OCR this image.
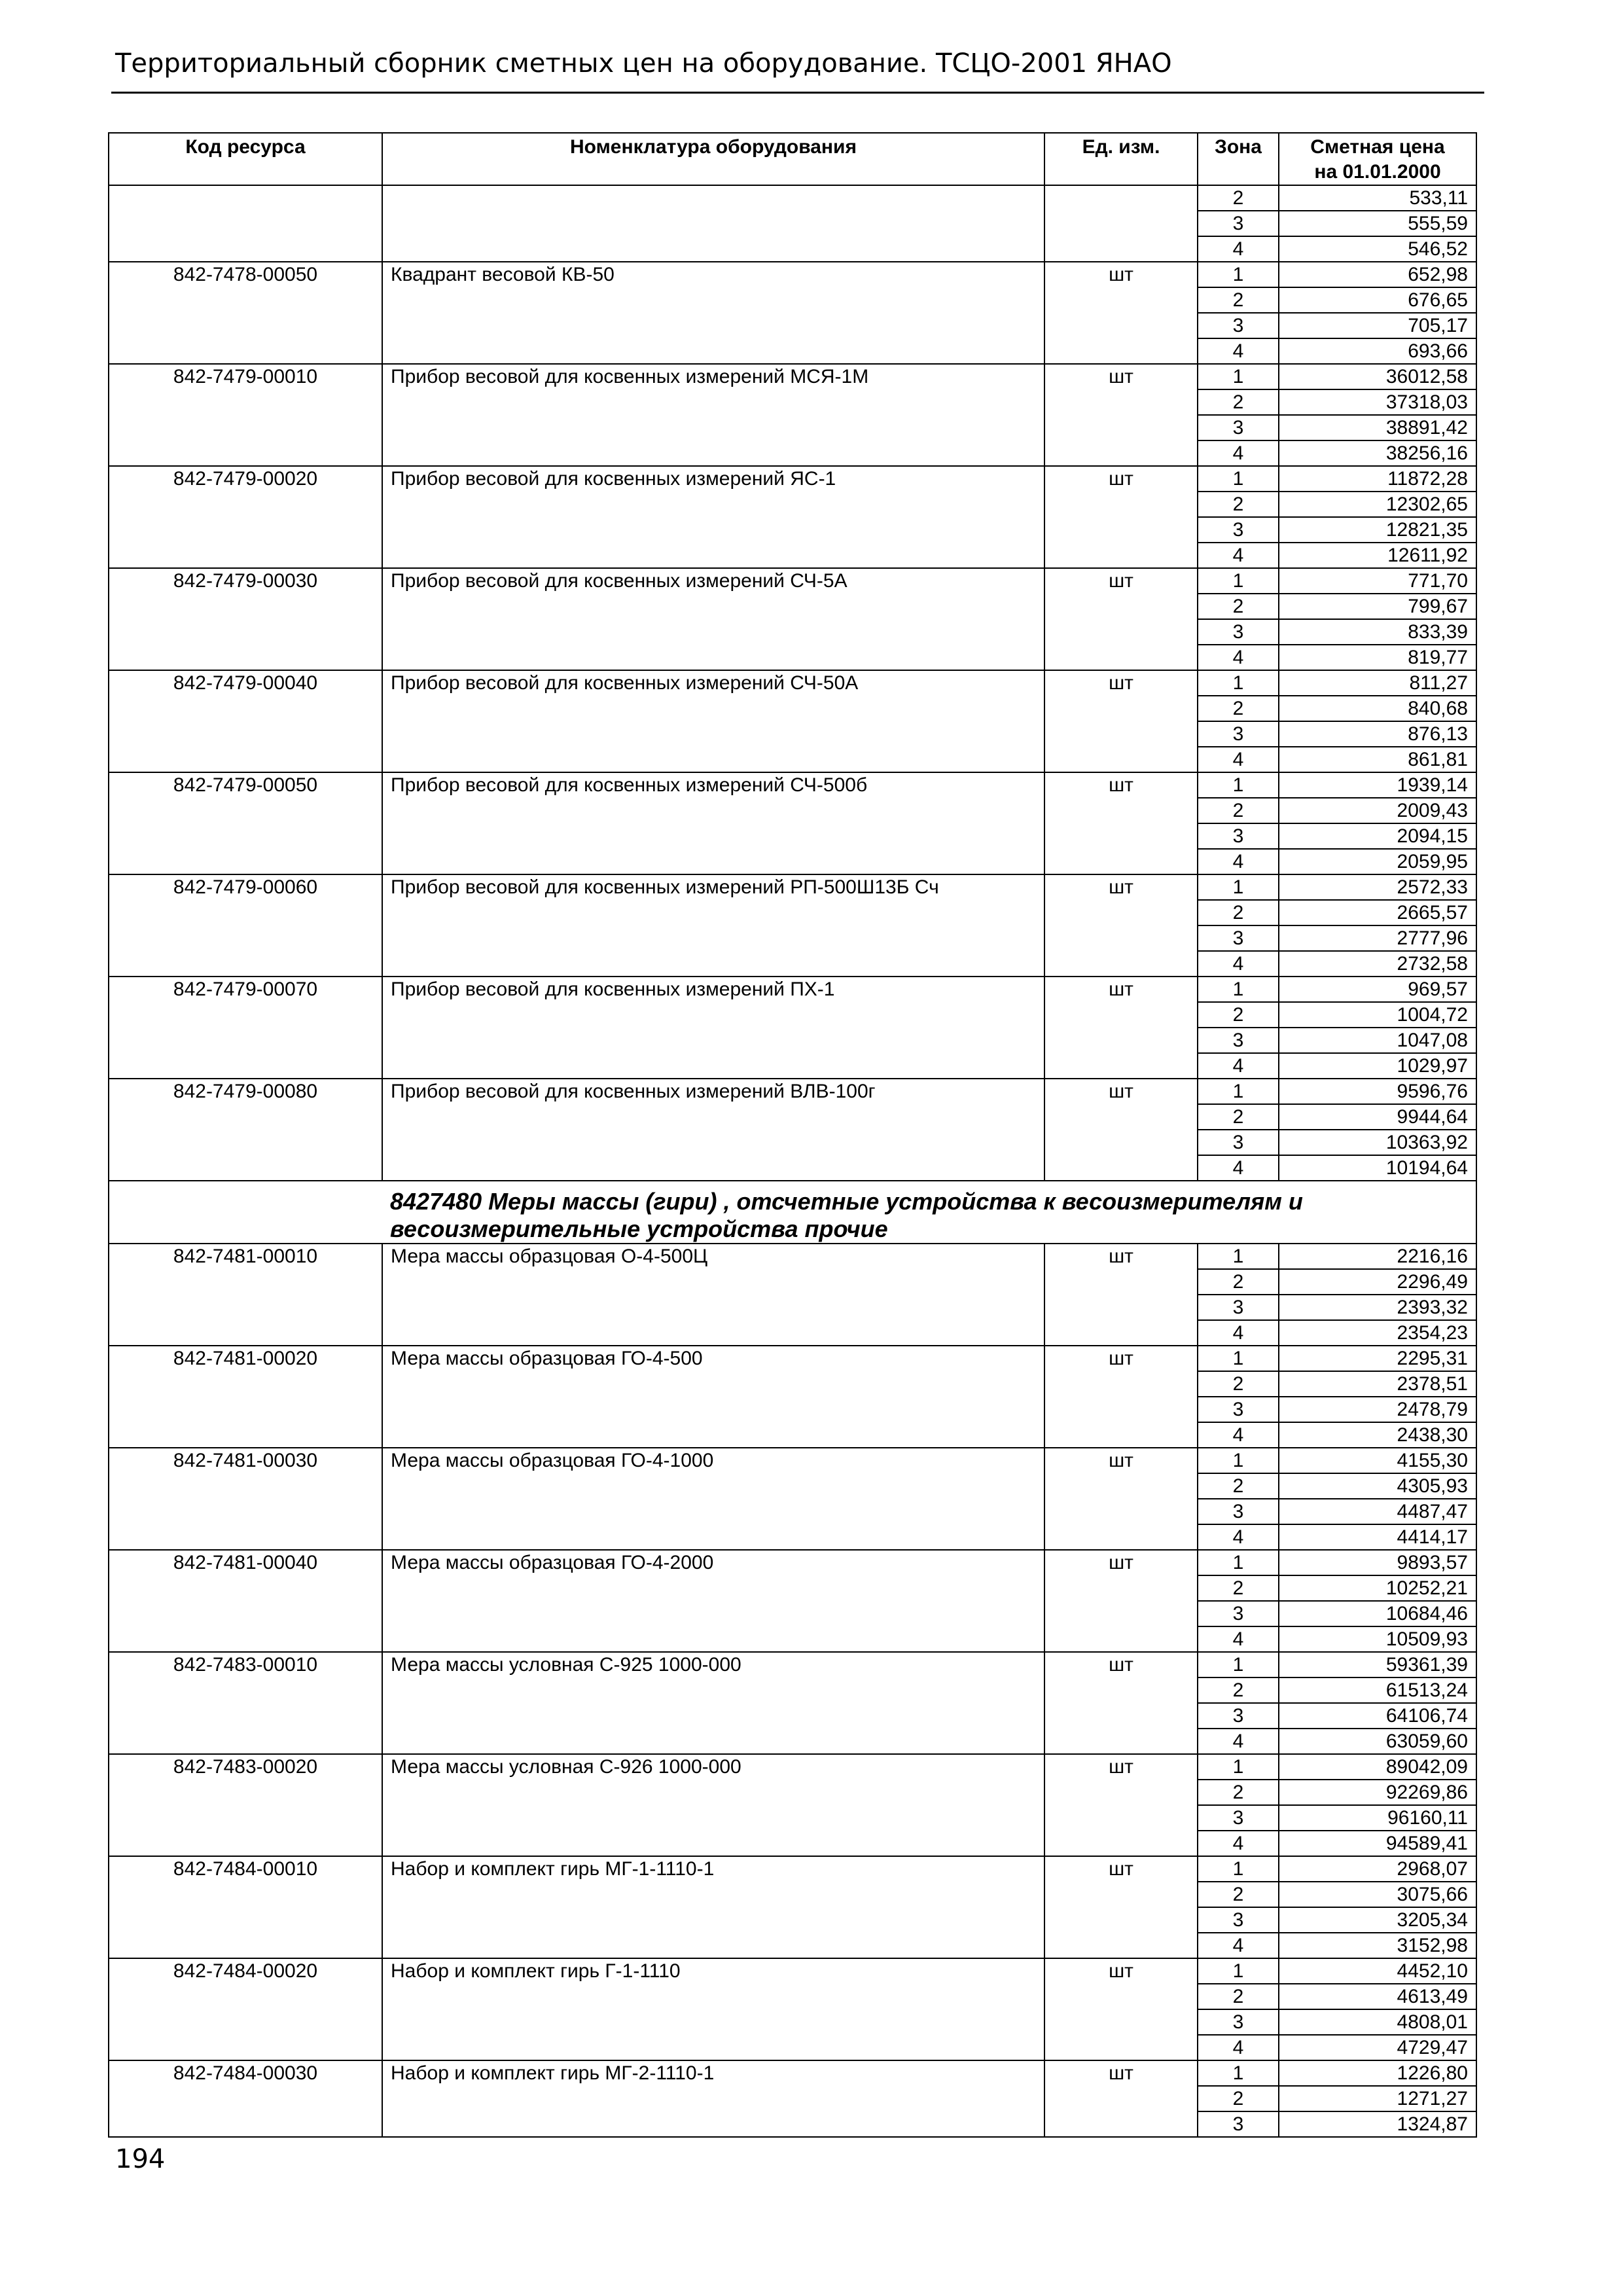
Территориальный сборник сметных цен на оборудование. ТСЦО-2001 ЯНАО
Код ресурса	Номенклатура оборудования	Ед. изм.	Зона	Сметная цена
на 01.01.2000

			2	533,11
			3	555,59
			4	546,52
842-7478-00050	Квадрант весовой КВ-50	шт	1	652,98
			2	676,65
			3	705,17
			4	693,66
842-7479-00010	Прибор весовой для косвенных измерений МСЯ-1М	шт	1	36012,58
			2	37318,03
			3	38891,42
			4	38256,16
842-7479-00020	Прибор весовой для косвенных измерений ЯС-1	шт	1	11872,28
			2	12302,65
			3	12821,35
			4	12611,92
842-7479-00030	Прибор весовой для косвенных измерений СЧ-5А	шт	1	771,70
			2	799,67
			3	833,39
			4	819,77
842-7479-00040	Прибор весовой для косвенных измерений СЧ-50А	шт	1	811,27
			2	840,68
			3	876,13
			4	861,81
842-7479-00050	Прибор весовой для косвенных измерений СЧ-500б	шт	1	1939,14
			2	2009,43
			3	2094,15
			4	2059,95
842-7479-00060	Прибор весовой для косвенных измерений РП-500Ш13Б Сч	шт	1	2572,33
			2	2665,57
			3	2777,96
			4	2732,58
842-7479-00070	Прибор весовой для косвенных измерений ПХ-1	шт	1	969,57
			2	1004,72
			3	1047,08
			4	1029,97
842-7479-00080	Прибор весовой для косвенных измерений ВЛВ-100г	шт	1	9596,76
			2	9944,64
			3	10363,92
			4	10194,64
	8427480 Меры массы (гири) , отсчетные устройства к весоизмерителям и весоизмерительные устройства прочие			
842-7481-00010	Мера массы образцовая О-4-500Ц	шт	1	2216,16
			2	2296,49
			3	2393,32
			4	2354,23
842-7481-00020	Мера массы образцовая ГО-4-500	шт	1	2295,31
			2	2378,51
			3	2478,79
			4	2438,30
842-7481-00030	Мера массы образцовая ГО-4-1000	шт	1	4155,30
			2	4305,93
			3	4487,47
			4	4414,17
842-7481-00040	Мера массы образцовая ГО-4-2000	шт	1	9893,57
			2	10252,21
			3	10684,46
			4	10509,93
842-7483-00010	Мера массы условная С-925 1000-000	шт	1	59361,39
			2	61513,24
			3	64106,74
			4	63059,60
842-7483-00020	Мера массы условная С-926 1000-000	шт	1	89042,09
			2	92269,86
			3	96160,11
			4	94589,41
842-7484-00010	Набор и комплект гирь МГ-1-1110-1	шт	1	2968,07
			2	3075,66
			3	3205,34
			4	3152,98
842-7484-00020	Набор и комплект гирь Г-1-1110	шт	1	4452,10
			2	4613,49
			3	4808,01
			4	4729,47
842-7484-00030	Набор и комплект гирь МГ-2-1110-1	шт	1	1226,80
			2	1271,27
			3	1324,87
194
